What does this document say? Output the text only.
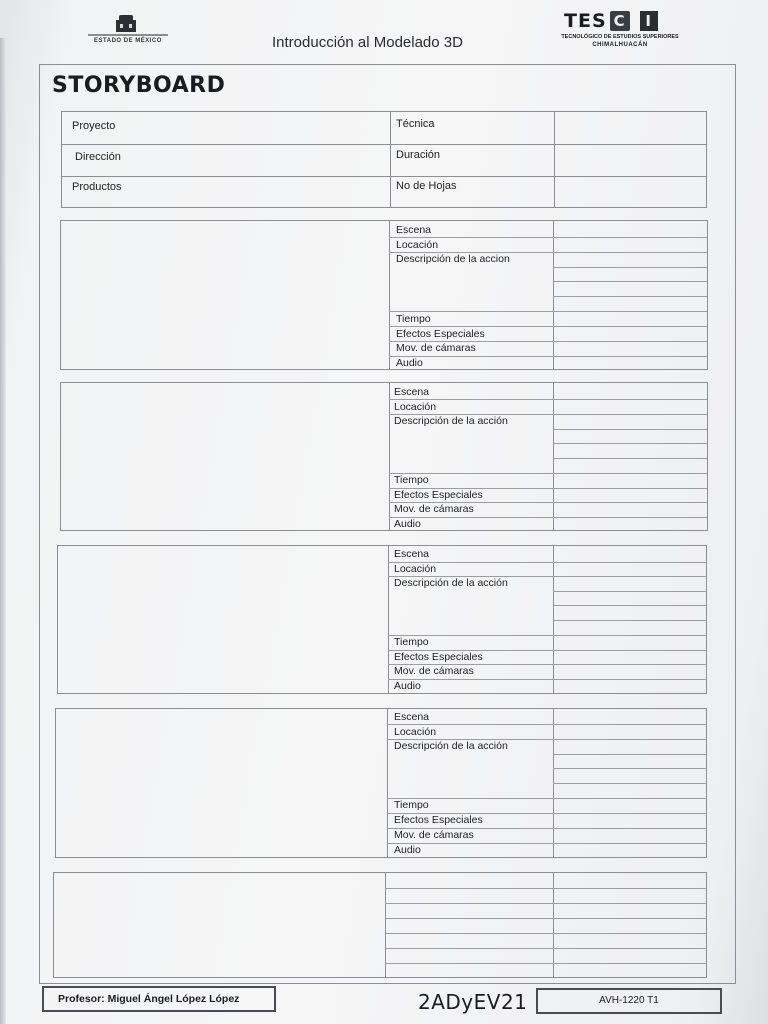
ESTADO DE MÉXICO	Introducción al Modelado 3D
TES C	I
TECNOLÓGICO DE ESTUDIOS SUPERIORES
CHIMALHUACÁN
STORYBOARD
Proyecto	Técnica
Dirección	Duración
Productos	No de Hojas
Escena
Locación
Descripción de la accion
Tiempo
Efectos Especiales
Mov. de cámaras
Audio
Escena
Locación
Descripción de la acción
Tiempo
Efectos Especiales
Mov. de cámaras
Audio
Escena
Locación
Descripción de la acción
Tiempo
Efectos Especiales
Mov. de cámaras
Audio
Escena
Locación
Descripción de la acción
Tiempo
Efectos Especiales
Mov. de cámaras
Audio
Profesor: Miguel Ángel López López	2ADyEV21	AVH-1220 T1
